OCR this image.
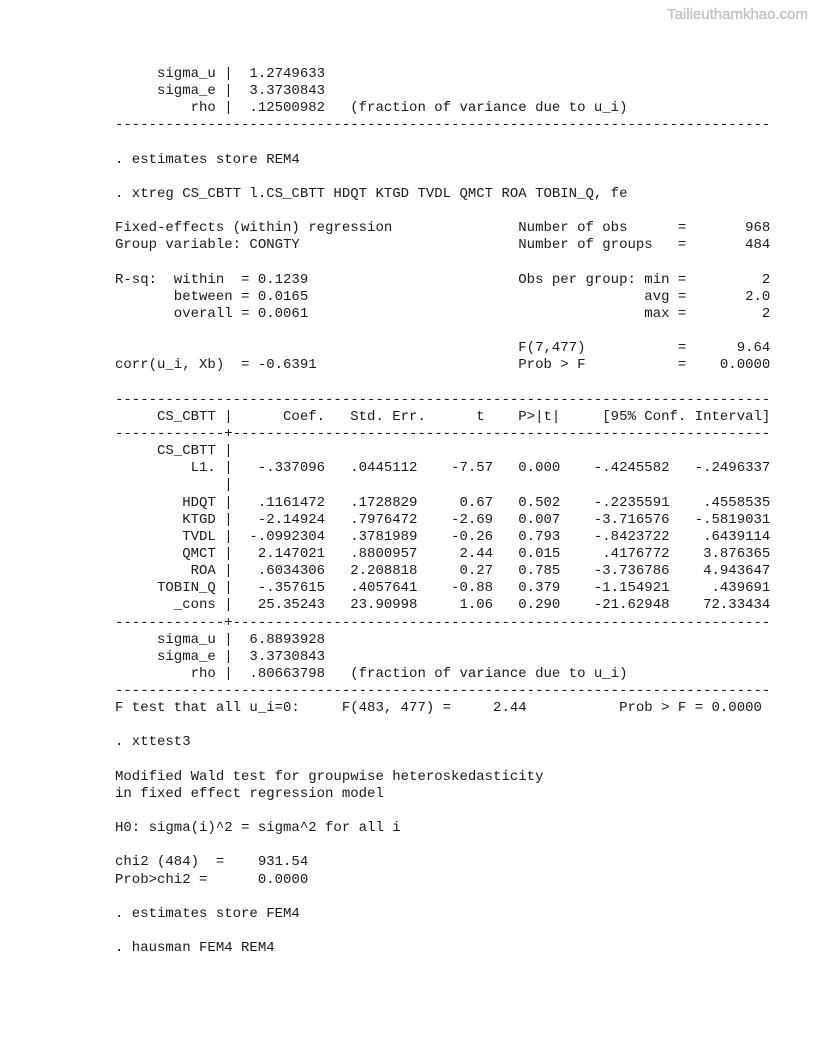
Tailieuthamkhao.com
sigma_u |  1.2749633
sigma_e |  3.3730843
rho |  .12500982   (fraction of variance due to u_i)
------------------------------------------------------------------------------
. estimates store REM4
. xtreg CS_CBTT l.CS_CBTT HDQT KTGD TVDL QMCT ROA TOBIN_Q, fe
Fixed-effects (within) regression               Number of obs      =       968
Group variable: CONGTY                          Number of groups   =       484
R-sq:  within  = 0.1239                         Obs per group: min =         2
between = 0.0165                                        avg =       2.0
overall = 0.0061                                        max =         2
F(7,477)           =      9.64
corr(u_i, Xb)  = -0.6391                        Prob > F           =    0.0000
------------------------------------------------------------------------------
CS_CBTT |      Coef.   Std. Err.      t    P>|t|     [95% Conf. Interval]
-------------+----------------------------------------------------------------
CS_CBTT |
L1. |   -.337096   .0445112    -7.57   0.000    -.4245582   -.2496337
|
HDQT |   .1161472   .1728829     0.67   0.502    -.2235591    .4558535
KTGD |   -2.14924   .7976472    -2.69   0.007    -3.716576   -.5819031
TVDL |  -.0992304   .3781989    -0.26   0.793    -.8423722    .6439114
QMCT |   2.147021   .8800957     2.44   0.015     .4176772    3.876365
ROA |   .6034306   2.208818     0.27   0.785    -3.736786    4.943647
TOBIN_Q |   -.357615   .4057641    -0.88   0.379    -1.154921     .439691
_cons |   25.35243   23.90998     1.06   0.290    -21.62948    72.33434
-------------+----------------------------------------------------------------
sigma_u |  6.8893928
sigma_e |  3.3730843
rho |  .80663798   (fraction of variance due to u_i)
------------------------------------------------------------------------------
F test that all u_i=0:     F(483, 477) =     2.44           Prob > F = 0.0000
. xttest3
Modified Wald test for groupwise heteroskedasticity
in fixed effect regression model
H0: sigma(i)^2 = sigma^2 for all i
chi2 (484)  =    931.54
Prob>chi2 =      0.0000
. estimates store FEM4
. hausman FEM4 REM4
